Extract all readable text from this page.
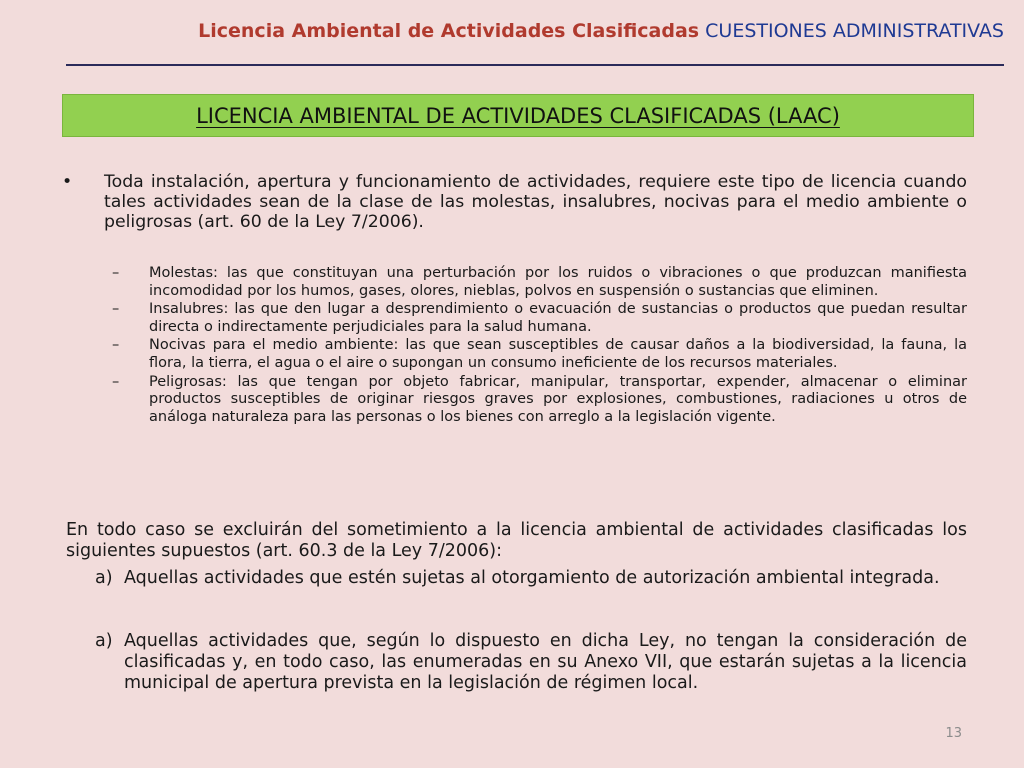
Licencia Ambiental de Actividades Clasificadas CUESTIONES ADMINISTRATIVAS
LICENCIA AMBIENTAL DE ACTIVIDADES CLASIFICADAS (LAAC)
• Toda instalación, apertura y funcionamiento de actividades, requiere este tipo de licencia cuando tales actividades sean de la clase de las molestas, insalubres, nocivas para el medio ambiente o peligrosas (art. 60 de la Ley 7/2006).
– Molestas: las que constituyan una perturbación por los ruidos o vibraciones o que produzcan manifiesta incomodidad por los humos, gases, olores, nieblas, polvos en suspensión o sustancias que eliminen.
– Insalubres: las que den lugar a desprendimiento o evacuación de sustancias o productos que puedan resultar directa o indirectamente perjudiciales para la salud humana.
– Nocivas para el medio ambiente: las que sean susceptibles de causar daños a la biodiversidad, la fauna, la flora, la tierra, el agua o el aire o supongan un consumo ineficiente de los recursos materiales.
– Peligrosas: las que tengan por objeto fabricar, manipular, transportar, expender, almacenar o eliminar productos susceptibles de originar riesgos graves por explosiones, combustiones, radiaciones u otros de análoga naturaleza para las personas o los bienes con arreglo a la legislación vigente.
En todo caso se excluirán del sometimiento a la licencia ambiental de actividades clasificadas los siguientes supuestos (art. 60.3 de la Ley 7/2006):
a) Aquellas actividades que estén sujetas al otorgamiento de autorización ambiental integrada.
a) Aquellas actividades que, según lo dispuesto en dicha Ley, no tengan la consideración de clasificadas y, en todo caso, las enumeradas en su Anexo VII, que estarán sujetas a la licencia municipal de apertura prevista en la legislación de régimen local.
13
